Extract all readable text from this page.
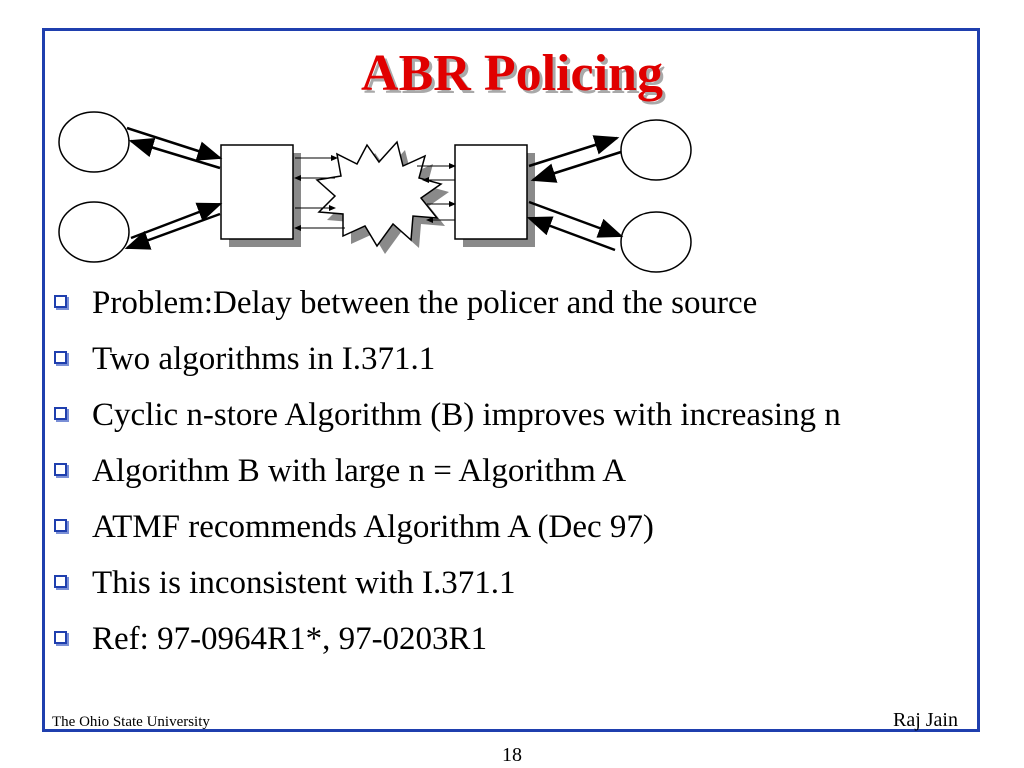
ABR Policing
Problem:Delay between the policer and the source
Two algorithms in I.371.1
Cyclic n-store Algorithm (B) improves with increasing n
Algorithm B with large n = Algorithm A
ATMF recommends Algorithm A (Dec 97)
This is inconsistent with I.371.1
Ref: 97-0964R1*, 97-0203R1
The Ohio State University	Raj Jain
18
